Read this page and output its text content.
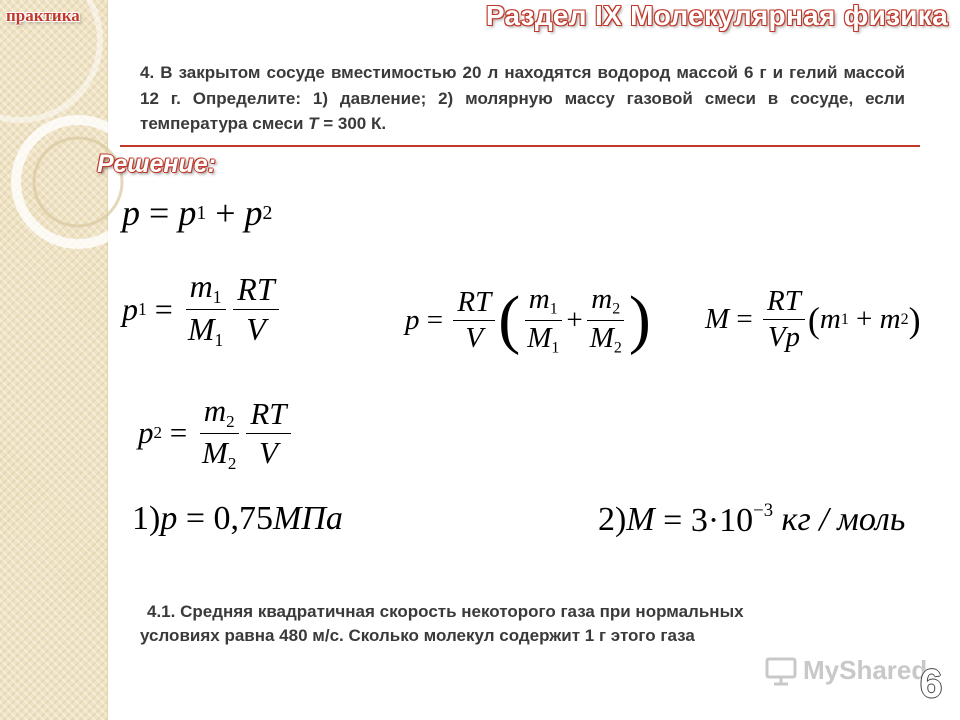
практика	Раздел IX Молекулярная физика
4. В закрытом сосуде вместимостью 20 л находятся водород массой 6 г и гелий массой 12 г. Определите: 1) давление; 2) молярную массу газовой смеси в сосуде, если температура смеси T = 300 К.
Решение:
p = p 1 + p 2
p $1 = \frac{m_1}{M_1} \frac{RT}{V}$	$p = \frac{RT}{V}$ ( $\frac{m_1}{M_1} + \frac{m_2}{M_2}$ ) $M = \frac{RT}{Vp}$ ( m 1 + m 2 )
p $2 = \frac{m_2}{M_2} \frac{RT}{V}$
1) p = 0,75 МПа	2) $M = 3\cdot 10^{-3}$ кг / моль
4.1. Средняя квадратичная скорость некоторого газа при нормальных
условиях равна 480 м/с. Сколько молекул содержит 1 г этого газа
MyShared
6
